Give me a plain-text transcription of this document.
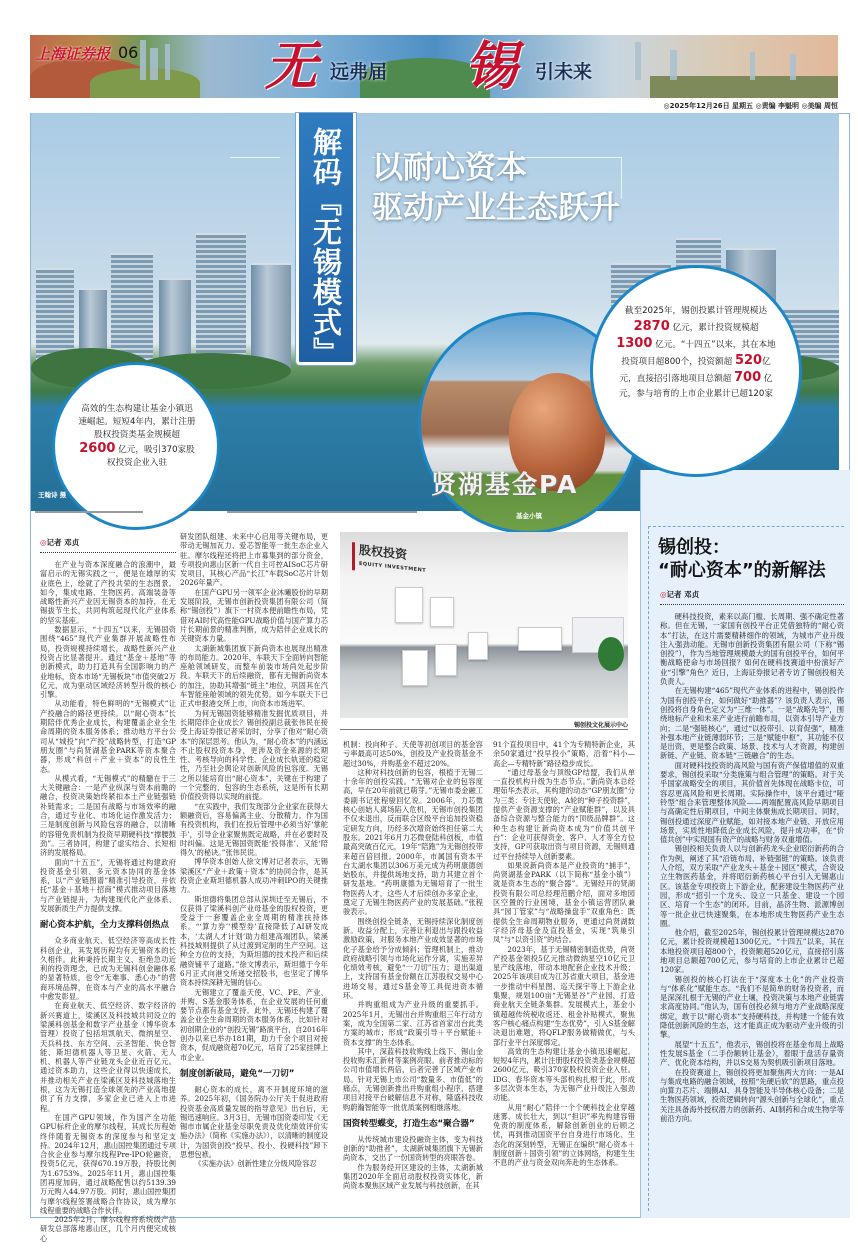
上海证券报 06 无 远弗届 锡 引未来
◎2025年12月26日 星期五 ◎责编 李魁明 ◎美编 周恒
王翰诗 摄
解码『无锡模式』 以耐心资本
驱动产业生态跃升
贤湖基金PA
基金小镇
高效的生态构建让基金小镇迅速崛起。短短4年内，累计注册股权投资类基金规模超 2600 亿元，吸引370家股权投资企业入驻
截至2025年，锡创投累计管理规模达 2870 亿元，累计投资规模超 1300 亿元。“十四五”以来，其在本地投资项目超800个，投资额超 520亿元，直接招引落地项目总额超 700 亿元，参与培育的上市企业累计已超120家
◎记者 邓贞

在产业与资本深度融合的浪潮中，最富启示的无锡实践之一，便是在雄厚的实业底色上，绘就了产投共荣的生态图景。如今，集成电路、生物医药、高端装备等战略性新兴产业因无锡资本的加持，在无锡拔节生长，共同构筑起现代化产业体系的坚实基座。

数据显示，“十四五”以来，无锡国资围绕“465”现代产业集群开展战略性布局，投资规模持续增长，战略性新兴产业投资占比显著提升。通过“基金＋基地”等创新模式，助力打造具有全国影响力的产业地标，资本市场“无锡板块”市值突破2万亿元，成为驱动区域经济转型升级的核心引擎。

从动能看，特色鲜明的“无锡模式”让产投融合的路径更持续。以“耐心资本”长期陪伴优秀企业成长，构建覆盖企业全生命周期的资本服务体系；推动地方平台公司从“城投”向“产投”战略转型，打造“GP朋友圈”与尚贤湖基金PARK等资本聚合器，形成“科创＋产业＋资本”的良性生态。

从模式看，“无锡模式”的精髓在于三大关键融合：一是产业纵深与资本前瞻的融合，投资决策始终紧扣本土产业链强链补链需求；二是国有战略与市场效率的融合，通过专业化、市场化运作激发活力；三是制度创新与风险包容的融合，以清晰的容错免责机制为投资早期硬科技“撑腰鼓劲”。三者协同，构建了虚实结合、长短相济的发展格局。

面向“十五五”，无锡将通过构建政府投资基金引领、多元资本协同的基金体系，以“产业链图谱”精准引导投资，并依托“基金＋基地＋招商”模式推动项目落地与产业链提升，为构建现代化产业体系、发展新质生产力提供支撑。

耐心资本护航，全力支撑科创热点

众多商业航天、低空经济等高成长性科创企业，其发展历程均有无锡资本的长久相伴。此种秉持长期主义、拒绝急功近利的投资理念，已成为无锡科创金融体系的显著特质，也令“无难事、悉心办”的营商环境品牌，在资本与产业的高水平融合中愈发彰显。

在商业航天、低空经济、数字经济的新兴赛道上，梁溪区及科技城共同设立的梁溪科创基金和数字产业基金（博华资本管理）投资了包括坦凯航天、微纳星空、天兵科技、东方空间、云圣智能、快仓智能、斯坦德机器人等卫星、火箭、无人机、机器人等产业链龙头企业近百亿元。通过资本助力，这些企业得以快速成长，并推动相关产业在梁溪区及科技城落地生根，这为无锡打造全球领先的产业高地提供了有力支撑，多家企业已进入上市进程。

在国产GPU领域，作为国产全功能GPU标杆企业的摩尔线程，其成长历程始终伴随着无锡资本的深度参与和坚定支持。2024年12月，惠山国控集团通过专项合伙企业参与摩尔线程Pre-IPO轮融资，投资5亿元，获得670.19万股，持股比例为1.6753%。2025年11月，惠山国控集团再度加码，通过战略配售以约5139.39万元购入44.97万股。同时，惠山国控集团与摩尔线程签署战略合作协议，成为摩尔线程重要的战略合作伙伴。

2025年2月，摩尔线程将系统级产品研发总部落地惠山区，几个月内便完成核心

研发团队组建、未来中心启用等关键布局，更带动无锡加瓦力、爱芯智能等一批生态企业入驻。摩尔线程还将把上市募集到的部分资金，专项投向惠山区新一代自主可控AISoC芯片研发项目，其核心产品“长江”车载SoC芯片计划2026年量产。

在国产GPU另一领军企业沐曦股份的早期发展阶段，无锡市创新投资集团有限公司（简称“锡创投”）旗下一村资本便前瞻性布局，凭借对AI时代高性能GPU战略价值与国产算力芯片长期前景的精准判断，成为陪伴企业成长的关键资本力量。

太湖新城集团旗下新尚资本也展现出精准的布局能力。2020年，车联天下全面转向智能座舱领域研发，而整车前装市场尚处起步阶段。车联天下的后续融资，都有无锡新尚资本的加注，协助其增强“链主”地位，巩固其在汽车智能座舱领域的领先优势。如今车联天下已正式申报港交所上市，向资本市场进军。

为何无锡国资能够精准发掘优质项目，并长期陪伴企业成长？锡创投副总裁张伟民在接受上海证券报记者采访时，分享了他对“耐心资本”的深层思考。他认为，“耐心资本”的内涵远不止股权投资本身，更涉及资金来源的长期性、考核导向的科学性、企业成长轨迹的稳定性，乃至社会舆论对创新风险的包容度。无锡之所以能培育出“耐心资本”，关键在于构建了一个完整的、包容的生态系统，这是所有长期价值投资得以实现的前提。

“在实践中，我们发现部分企业家在获得大额融资后，容易偏离主业、分散精力。作为国有投资机构，我们在投后管理中必须当好‘掌舵手’，引导企业家聚焦既定战略，并在必要时及时纠偏。这是无锡国资既能‘投得准’、又能‘陪得久’的秘诀。”张伟民说。

博华资本创始人徐文博对记者表示，无锡梁溪区“产业＋政策＋资本”的协同合作，是其投资企业斯坦德机器人成功冲刺IPO的关键推力。

斯坦德将集团总部从深圳迁至无锡后，不仅获得了梁溪科创产业母基金的股权投资，更受益于一套覆盖企业全周期的精准扶持体系。“‘算力券’‘模型券’直接降低了AI研发成本，‘太湖人才计划’助力组建高端团队，梁溪科技城则提供了从过渡到定制的生产空间。这种全方位的支持，为斯坦德的技术投产和后续融资铺平了道路。”徐文博表示，斯坦德于今年6月正式向港交所递交招股书，也坚定了博华资本持续深耕无锡的信心。

无锡建立了覆盖天使、VC、PE、产业、并购、S基金服务体系，在企业发展的任何重要节点都有基金支持。此外，无锡还构建了覆盖企业全生命周期的资本服务体系，比如针对初创期企业的“创投无锡”路演平台，自2016年创办以来已举办181期，助力千余个项目对接资本，促成融资超70亿元，培育了25家挂牌上市企业。

制度创新破局，避免“一刀切”

耐心资本的成长，离不开制度环境的滋养。2025年初，《国务院办公厅关于促进政府投资基金高质量发展的指导意见》出台后，无锡迅速响应。3月3日，无锡市国资委印发《无锡市市属企业基金尽职免责及优化绩效评价实施办法》（简称《实施办法》），以清晰的制度设计，为国资创投“投早、投小、投硬科技”卸下思想包袱。

《实施办法》创新性建立分级风险容忍

股权投资
EQUITY INVESTMENT
锡创投文化展示中心

机制：投向种子、天使等初创项目的基金容亏率最高可达50%，创投及产业投资基金不超过30%，并购基金不超过20%。

这种对科技创新的包容，根植于无锡二十余年的创投实践。“无锡对企业的包容度高，早在20年前就已萌芽。”无锡市委金融工委副书记张程骏回忆说。2006年，力芯微核心创始人离场陷入危机，无锡市创投集团不仅未退出，反而联合区级平台追加投资稳定研发方向，历经多次增资始终担任第二大股东。2021年6月力芯微登陆科创板，市值最高突破百亿元，19年“陪跑”为无锡创投带来超百倍回报。2000年，市属国有资本平台太湖水集团以306万美元成为药明康德创始股东，并提供场地支持，助力其建立首个研发基地。“药明康德为无锡培育了一批生物医药人才，这些人才后续创办多家企业，奠定了无锡生物医药产业的发展基础。”张程骏表示。

围绕创投全链条，无锡持续深化制度创新。收益分配上，完善让利退出与跟投收益激励政策，对服务本地产业成效显著的市场化子基金给予分成倾斜；管理机制上，推动政府战略引领与市场化运作分离，实施差异化绩效考核，避免“一刀切”压力；退出渠道上，支持国有基金份额在江苏股权交易中心进场交易，通过S基金等工具促进资本循环。

并购重组成为产业升级的重要抓手。2025年1月，无锡出台并购重组三年行动方案，成为全国第二家、江苏省首家出台此类方案的城市；形成“政策引导＋平台赋能＋资本支撑”的生态体系。

其中，深蓝科技收购线上线下、锡山金投收购禾汇新材等案例亮眼。前者推动标的公司市值增长两倍，后者完善了区域产业布局。针对无锡上市公司“数量多、市值低”的痛点，无锡创新推出并购重组小程序，搭建项目对接平台破解信息不对称，隆盛科技收购蔚瀚智能等一批优质案例相继落地。

国资转型蝶变，打造生态“聚合器”

从传统城市建设投融资主体，变为科技创新的“助推者”，太湖新城集团旗下无锡新尚资本，交出了一份国资转型的亮眼答卷。

作为服务经开区建设的主体，太湖新城集团2020年全面启动股权投资实体化，新尚资本聚焦区域产业发展与科技创新，在其

91个直投项目中，41个为专精特新企业，其余50家通过“投早投小”策略，沿着“科小—高企—专精特新”路径稳步成长。

“通过母基金与顶级GP结盟，我们从单一直投机构升级为生态节点。”新尚资本总经理茹华杰表示，其构建的动态“GP朋友圈”分为三类：专注天使轮、A轮的“种子投资群”，提供产业资源支撑的“产业赋能群”，以及具备综合资源与整合能力的“顶级品牌群”。这种生态构建让新尚资本成为“价值共创平台”：企业可获得资金、客户、人才等全方位支持，GP可获取出资与项目资源，无锡则通过平台持续导入创新要素。

如果说新尚资本是产业投资的“捕手”，尚贤湖基金PARK（以下简称“基金小镇”）就是资本生态的“聚合器”。无锡经开的贤湖投资有限公司总经理范鹏介绍，面对多地园区空置的行业困境，基金小镇运营团队兼具“园丁管家”与“战略操盘手”双重角色：既提供全生命周期物业服务，更通过尚贤湖数字经济母基金及直投基金，实现“筑巢引凤”与“以资引资”的结合。

2023年，基于无锡精密制造优势，尚贤产投基金领投5亿元推动微纳星空10亿元卫星产线落地，带动本地配套企业技术升级；2025年该项目成为江苏省重大项目，基金进一步推动中科星图、巡天探宇等上下游企业集聚，规划100亩“无锡星谷”产业园，打造商业航天全链条集群。发展模式上，基金小镇超越传统税收返还、租金补贴模式，聚焦客户核心痛点构建“生态优势”，引入S基金解决退出难题，将QFLP服务做精做优，与头部行业平台深度绑定。

高效的生态构建让基金小镇迅速崛起。短短4年内，累计注册股权投资类基金规模超2600亿元，吸引370家股权投资企业入驻。IDG、春华资本等头部机构扎根于此，形成多层次资本生态，为无锡产业升级注入强劲动能。

从用“耐心”陪伴一个个硬科技企业穿越迷雾、成长壮大，到以“担识”率先构建容错免责的制度体系，解除创新创业的后顾之忧，再到推动国资平台自身进行市场化、生态化的深刻转型，无锡正在编织“耐心资本＋制度创新＋国资引领”的立体网络，构建生生不息的产业与资金双向奔赴的生态体系。

锡创投：
“耐心资本”的新解法
◎记者 邓贞

硬科技投资，素来以高门槛、长周期、强不确定性著称。但在无锡，一家国有创投平台正凭借独特的“耐心资本”打法，在这片需要精耕细作的领域，为城市产业升级注入强劲动能。无锡市创新投资集团有限公司（下称“锡创投”），作为当地管理规模最大的国有创投平台，如何平衡战略使命与市场回报？如何在硬科技赛道中扮演好产业“引擎”角色？近日，上海证券报记者专访了锡创投相关负责人。

在无锡构建“465”现代产业体系的进程中，锡创投作为国有创投平台，如何做好“助推器”？该负责人表示，锡创投将自身角色定义为“三维一体”。一是“战略先导”，围绕地标产业和未来产业进行前瞻布局，以资本引导产业方向；二是“强链核心”，通过“以投带引、以育促强”，精准补强本地产业链薄弱环节；三是“赋能中枢”，其功能不仅是出资，更是整合政策、场景、技术与人才资源，构建创新链、产业链、资本链“三链融合”的生态。

面对硬科技投资的高风险与国有资产保值增值的双重要求，锡创投采取“分类施策与组合管理”的策略。对于关乎国家战略安全的项目，其价值首先体现在战略卡位，可容忍更高风险和更长周期。实际操作中，该平台通过“哑铃型”组合来管理整体风险——两端配置高风险早期项目与高确定性后期项目，中间主体聚焦成长期项目。同时，锡创投通过深度产业赋能，如对接本地产业链、开放应用场景，实质性地降低企业成长风险，提升成功率，在“价值共创”中实现国有资产的战略与财务双重增值。

锡创投相关负责人以与创新药龙头企业昭衍新药的合作为例，阐述了其“沿链布局、补链强链”的策略。该负责人介绍，双方采取“产业龙头＋基金＋园区”模式，合资设立生物医药基金，并将昭衍新药核心平台引入无锡惠山区。该基金专项投资上下游企业，配套建设生物医药产业园，形成“招引一个龙头、设立一只基金、建设一个园区、培育一个生态”的闭环。目前，晶济生物、派源博创等一批企业已快速聚集，在本地形成生物医药产业生态圈。

他介绍，截至2025年，锡创投累计管理规模达2870亿元，累计投资规模超1300亿元。“十四五”以来，其在本地投资项目超800个，投资额超520亿元，直接招引落地项目总额超700亿元，参与培育的上市企业累计已超120家。

锡创投的核心打法在于“深度本土化”的产业投资与“体系化”赋能生态。“我们不是简单的财务投资者，而是深深扎根于无锡的产业土壤，投资决策与本地产业链需求高度协同。”他认为，国有创投必须与地方产业战略深度绑定，敢于以“耐心资本”支持硬科技，并构建一个能有效降低创新风险的生态，这才能真正成为驱动产业升级的引擎。

展望“十五五”，他表示，锡创投将在基金布局上战略性发展S基金（二手份额转让基金），着眼于盘活存量资产、优化资本结构，并以S交易为契机吸引新项目落地。

在投资赛道上，锡创投将更加聚焦两大方向：一是AI与集成电路的融合领域，按照“先硬后软”的思路，重点投向算力芯片、端侧AI、具身智能及半导体核心设备；二是生物医药领域，投资逻辑转向“源头创新与全球化”，重点关注具备海外授权潜力的创新药、AI制药和合成生物学等前沿方向。
